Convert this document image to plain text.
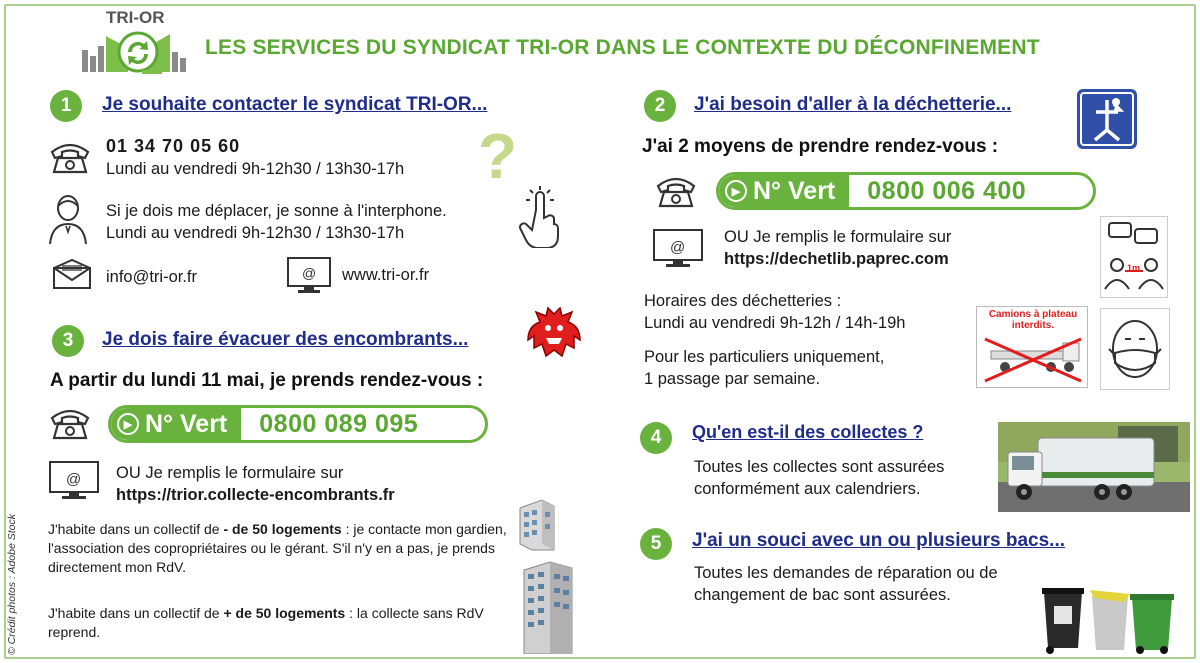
TRI-OR
LES SERVICES DU SYNDICAT TRI-OR DANS LE CONTEXTE DU DÉCONFINEMENT
© Crédit photos : Adobe Stock
1	Je souhaite contacter le syndicat TRI-OR...
01 34 70 05 60
Lundi au vendredi 9h-12h30 / 13h30-17h ?
Si je dois me déplacer, je sonne à l'interphone.
Lundi au vendredi 9h-12h30 / 13h30-17h
info@tri-or.fr	@ www.tri-or.fr
3	Je dois faire évacuer des encombrants...
A partir du lundi 11 mai, je prends rendez-vous :
▶ N° Vert	0800 089 095
@ OU Je remplis le formulaire sur
https://trior.collecte-encombrants.fr
J'habite dans un collectif de - de 50 logements : je contacte mon gardien, l'association des copropriétaires ou le gérant. S'il n'y en a pas, je prends directement mon RdV.
J'habite dans un collectif de + de 50 logements : la collecte sans RdV reprend.
2	J'ai besoin d'aller à la déchetterie...
J'ai 2 moyens de prendre rendez-vous :
▶ N° Vert	0800 006 400
@
OU Je remplis le formulaire sur
https://dechetlib.paprec.com	1m
Horaires des déchetteries :
Lundi au vendredi 9h-12h / 14h-19h	Camions à plateau interdits.
Pour les particuliers uniquement,
1 passage par semaine.
4	Qu'en est-il des collectes ?
Toutes les collectes sont assurées
conformément aux calendriers.
5	J'ai un souci avec un ou plusieurs bacs...
Toutes les demandes de réparation ou de
changement de bac sont assurées.
